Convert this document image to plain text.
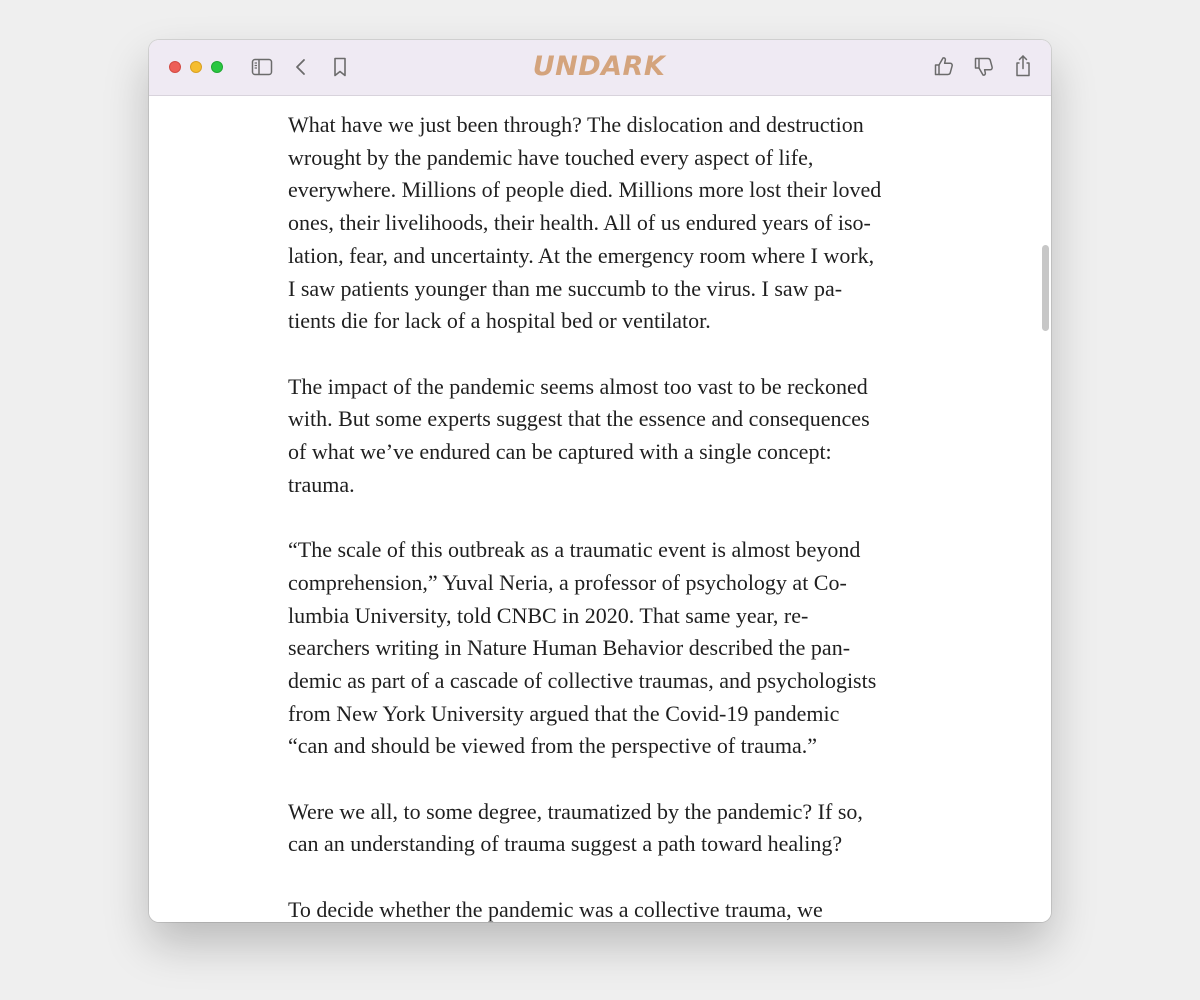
UNDARK

What have we just been through? The dislocation and destruction
wrought by the pandemic have touched every aspect of life,
everywhere. Millions of people died. Millions more lost their loved
ones, their livelihoods, their health. All of us endured years of iso-
lation, fear, and uncertainty. At the emergency room where I work,
I saw patients younger than me succumb to the virus. I saw pa-
tients die for lack of a hospital bed or ventilator.

The impact of the pandemic seems almost too vast to be reckoned
with. But some experts suggest that the essence and consequences
of what we’ve endured can be captured with a single concept:
trauma.

“The scale of this outbreak as a traumatic event is almost beyond
comprehension,” Yuval Neria, a professor of psychology at Co-
lumbia University, told CNBC in 2020. That same year, re-
searchers writing in Nature Human Behavior described the pan-
demic as part of a cascade of collective traumas, and psychologists
from New York University argued that the Covid-19 pandemic
“can and should be viewed from the perspective of trauma.”

Were we all, to some degree, traumatized by the pandemic? If so,
can an understanding of trauma suggest a path toward healing?

To decide whether the pandemic was a collective trauma, we
